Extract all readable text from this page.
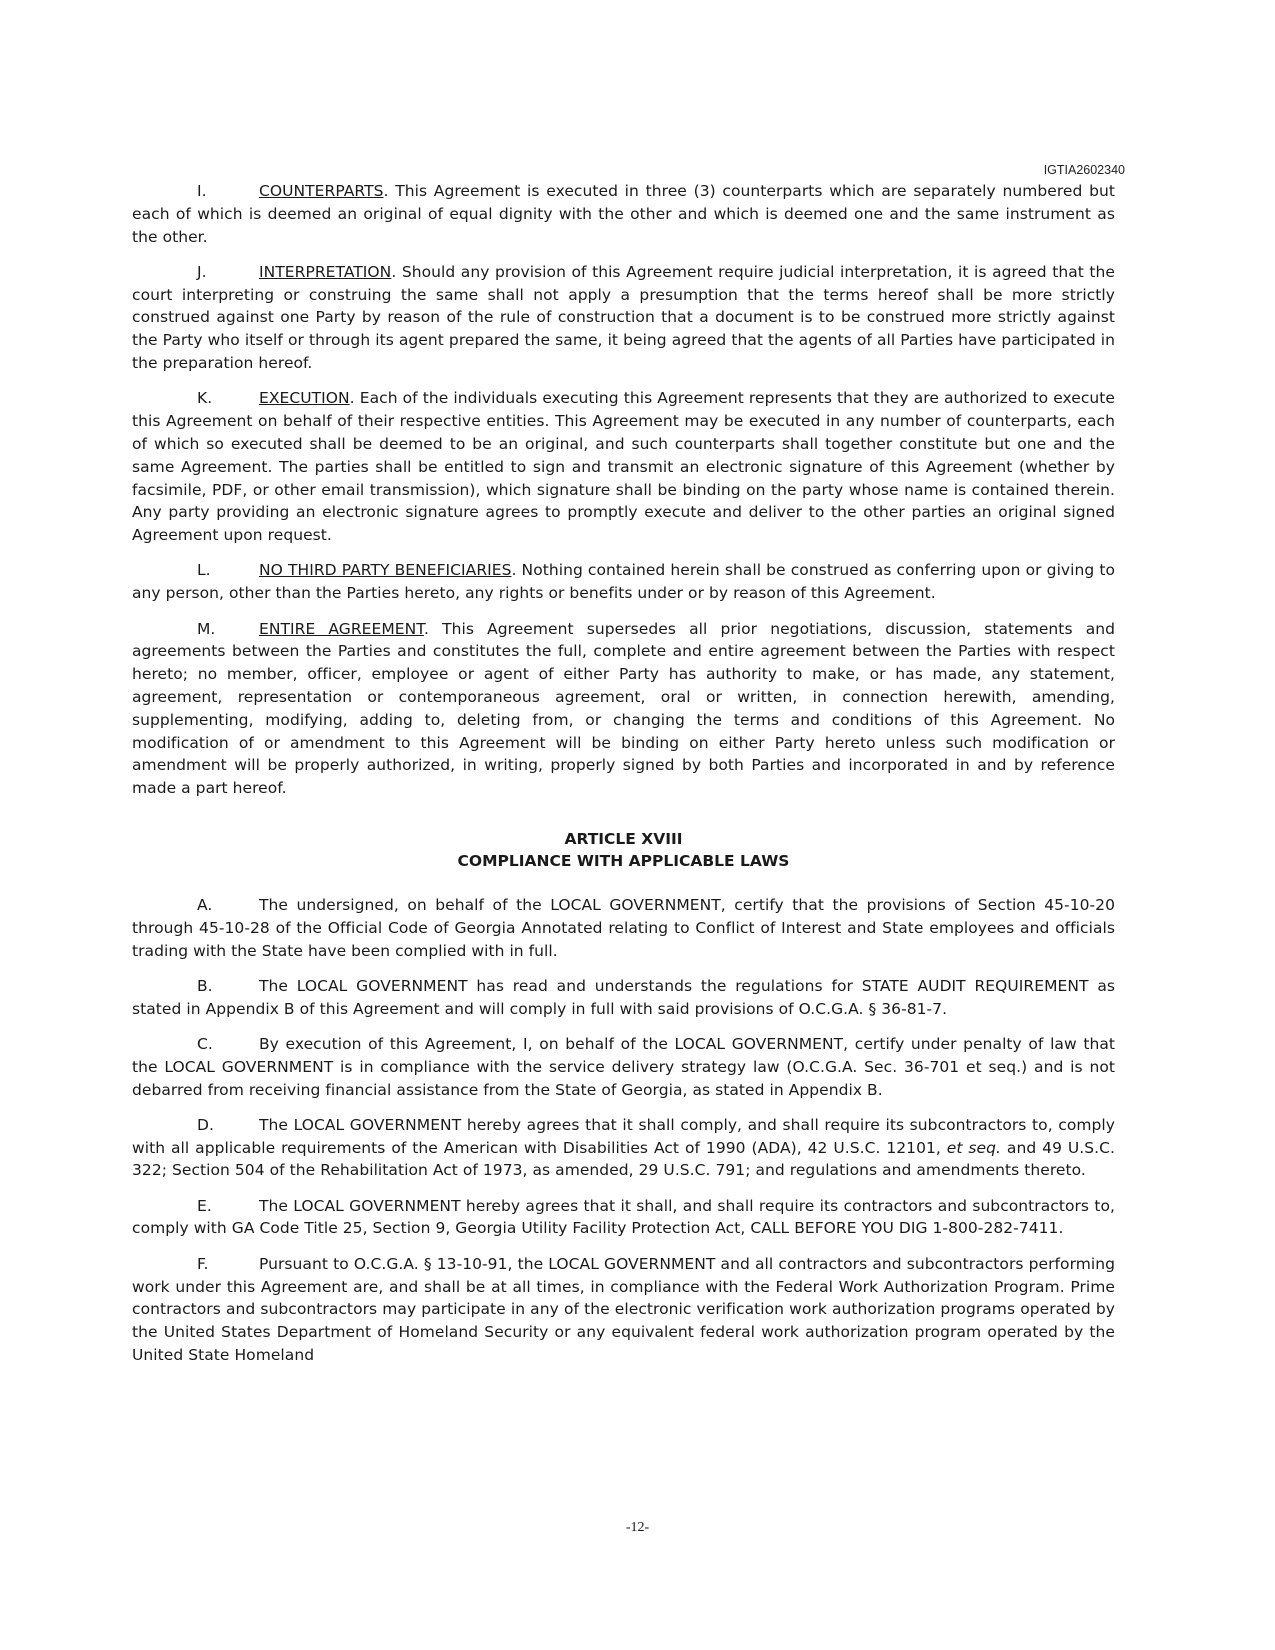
IGTIA2602340

I.	COUNTERPARTS. This Agreement is executed in three (3) counterparts which are separately numbered but each of which is deemed an original of equal dignity with the other and which is deemed one and the same instrument as the other.

J.	INTERPRETATION. Should any provision of this Agreement require judicial interpretation, it is agreed that the court interpreting or construing the same shall not apply a presumption that the terms hereof shall be more strictly construed against one Party by reason of the rule of construction that a document is to be construed more strictly against the Party who itself or through its agent prepared the same, it being agreed that the agents of all Parties have participated in the preparation hereof.

K.	EXECUTION. Each of the individuals executing this Agreement represents that they are authorized to execute this Agreement on behalf of their respective entities. This Agreement may be executed in any number of counterparts, each of which so executed shall be deemed to be an original, and such counterparts shall together constitute but one and the same Agreement. The parties shall be entitled to sign and transmit an electronic signature of this Agreement (whether by facsimile, PDF, or other email transmission), which signature shall be binding on the party whose name is contained therein. Any party providing an electronic signature agrees to promptly execute and deliver to the other parties an original signed Agreement upon request.

L.	NO THIRD PARTY BENEFICIARIES. Nothing contained herein shall be construed as conferring upon or giving to any person, other than the Parties hereto, any rights or benefits under or by reason of this Agreement.

M.	ENTIRE AGREEMENT. This Agreement supersedes all prior negotiations, discussion, statements and agreements between the Parties and constitutes the full, complete and entire agreement between the Parties with respect hereto; no member, officer, employee or agent of either Party has authority to make, or has made, any statement, agreement, representation or contemporaneous agreement, oral or written, in connection herewith, amending, supplementing, modifying, adding to, deleting from, or changing the terms and conditions of this Agreement. No modification of or amendment to this Agreement will be binding on either Party hereto unless such modification or amendment will be properly authorized, in writing, properly signed by both Parties and incorporated in and by reference made a part hereof.

ARTICLE XVIII
COMPLIANCE WITH APPLICABLE LAWS

A.	The undersigned, on behalf of the LOCAL GOVERNMENT, certify that the provisions of Section 45-10-20 through 45-10-28 of the Official Code of Georgia Annotated relating to Conflict of Interest and State employees and officials trading with the State have been complied with in full.

B.	The LOCAL GOVERNMENT has read and understands the regulations for STATE AUDIT REQUIREMENT as stated in Appendix B of this Agreement and will comply in full with said provisions of O.C.G.A. § 36-81-7.

C.	By execution of this Agreement, I, on behalf of the LOCAL GOVERNMENT, certify under penalty of law that the LOCAL GOVERNMENT is in compliance with the service delivery strategy law (O.C.G.A. Sec. 36-701 et seq.) and is not debarred from receiving financial assistance from the State of Georgia, as stated in Appendix B.

D.	The LOCAL GOVERNMENT hereby agrees that it shall comply, and shall require its subcontractors to, comply with all applicable requirements of the American with Disabilities Act of 1990 (ADA), 42 U.S.C. 12101, et seq. and 49 U.S.C. 322; Section 504 of the Rehabilitation Act of 1973, as amended, 29 U.S.C. 791; and regulations and amendments thereto.

E.	The LOCAL GOVERNMENT hereby agrees that it shall, and shall require its contractors and subcontractors to, comply with GA Code Title 25, Section 9, Georgia Utility Facility Protection Act, CALL BEFORE YOU DIG 1-800-282-7411.

F.	Pursuant to O.C.G.A. § 13-10-91, the LOCAL GOVERNMENT and all contractors and subcontractors performing work under this Agreement are, and shall be at all times, in compliance with the Federal Work Authorization Program. Prime contractors and subcontractors may participate in any of the electronic verification work authorization programs operated by the United States Department of Homeland Security or any equivalent federal work authorization program operated by the United State Homeland

-12-
